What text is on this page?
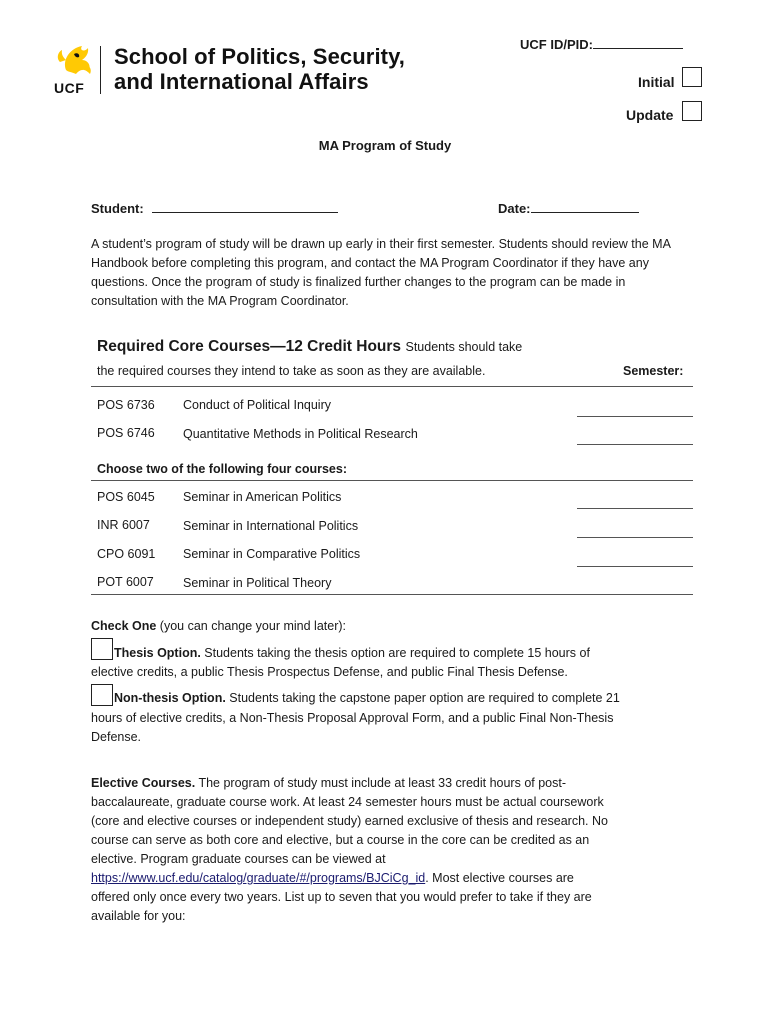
UCF
School of Politics, Security,
and International Affairs
UCF ID/PID:
Initial
Update
MA Program of Study
Student:	Date:
A student’s program of study will be drawn up early in their first semester. Students should review the MA Handbook before completing this program, and contact the MA Program Coordinator if they have any questions. Once the program of study is finalized further changes to the program can be made in consultation with the MA Program Coordinator.
Required Core Courses—12 Credit Hours Students should take
the required courses they intend to take as soon as they are available.	Semester:
POS 6736 Conduct of Political Inquiry
POS 6746 Quantitative Methods in Political Research
Choose two of the following four courses:
POS 6045 Seminar in American Politics
INR 6007	Seminar in International Politics
CPO 6091 Seminar in Comparative Politics
POT 6007 Seminar in Political Theory
Check One (you can change your mind later):
Thesis Option. Students taking the thesis option are required to complete 15 hours of
elective credits, a public Thesis Prospectus Defense, and public Final Thesis Defense.
Non-thesis Option. Students taking the capstone paper option are required to complete 21
hours of elective credits, a Non-Thesis Proposal Approval Form, and a public Final Non-Thesis
Defense.
Elective Courses. The program of study must include at least 33 credit hours of post-
baccalaureate, graduate course work. At least 24 semester hours must be actual coursework
(core and elective courses or independent study) earned exclusive of thesis and research. No
course can serve as both core and elective, but a course in the core can be credited as an
elective. Program graduate courses can be viewed at
https://www.ucf.edu/catalog/graduate/#/programs/BJCiCg_id. Most elective courses are
offered only once every two years. List up to seven that you would prefer to take if they are
available for you:
